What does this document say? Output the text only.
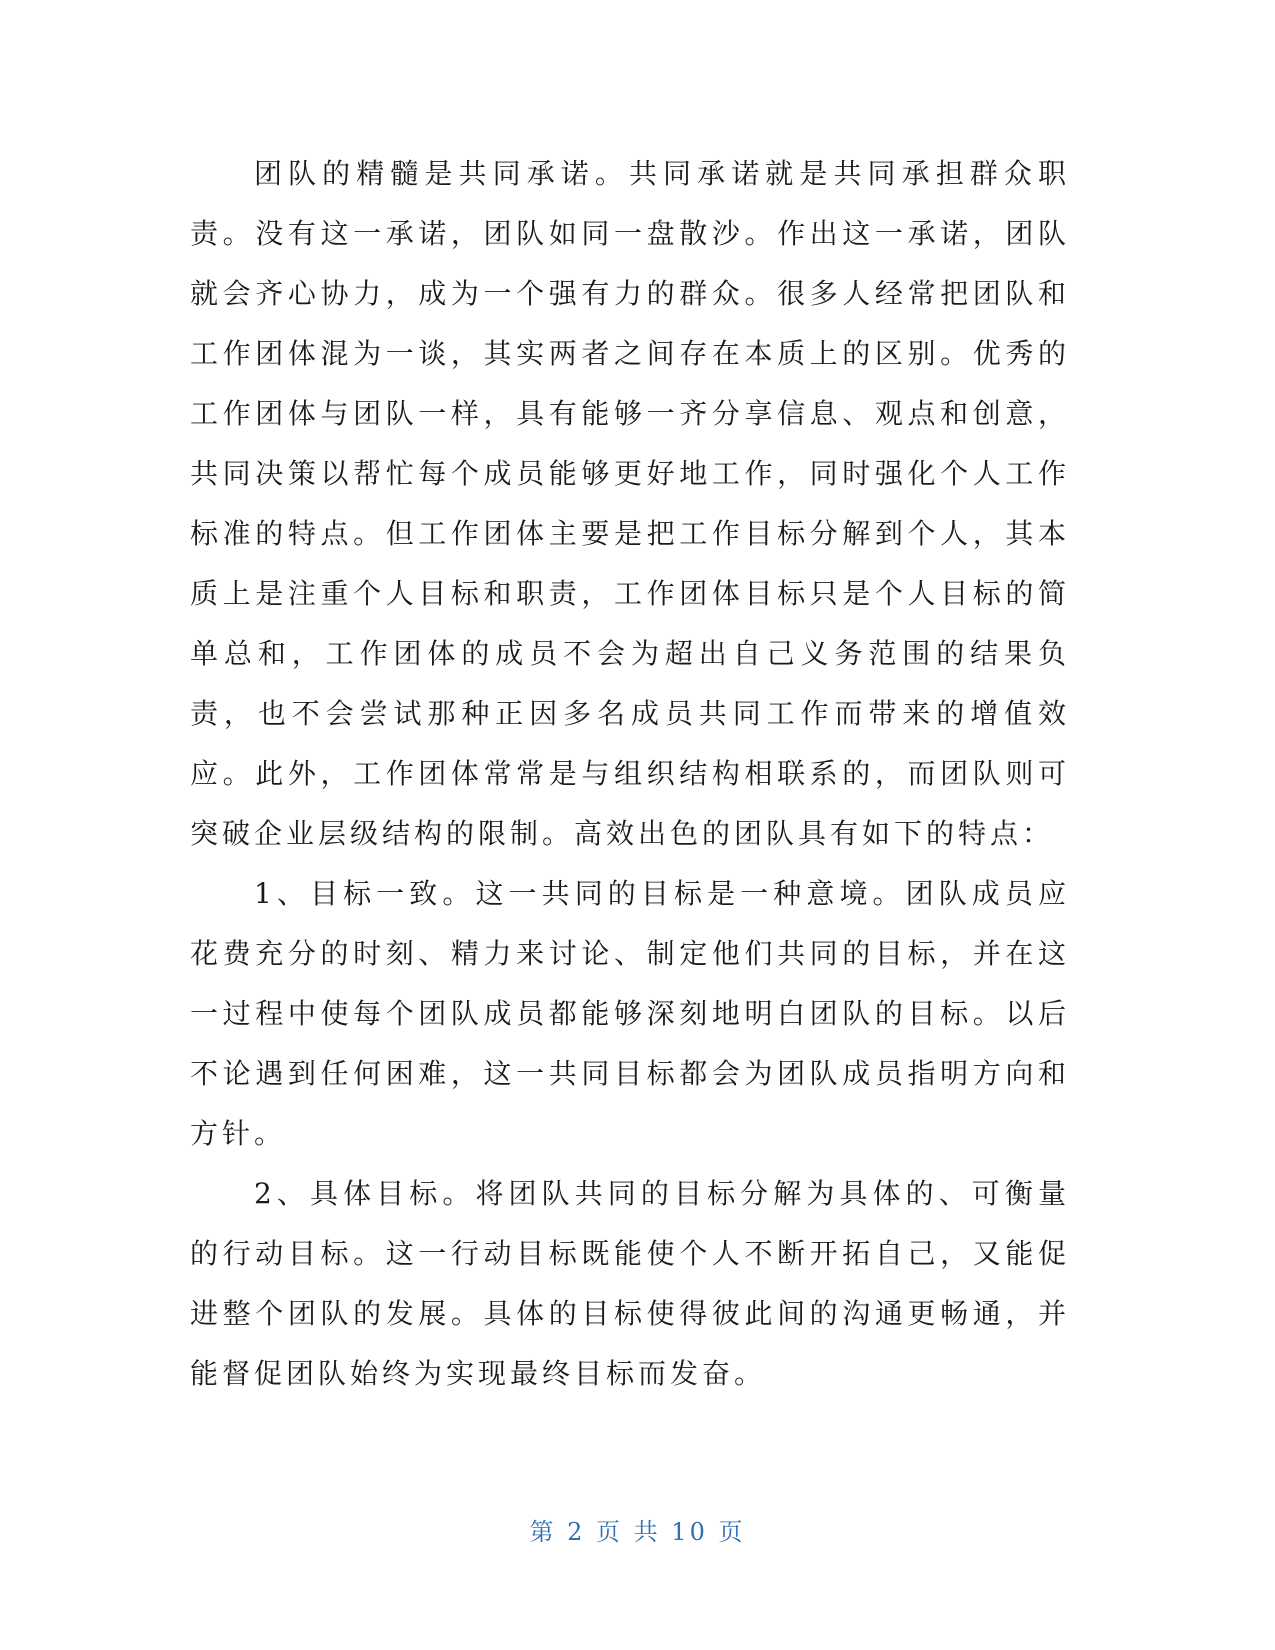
团队的精髓是共同承诺。共同承诺就是共同承担群众职责。没有这一承诺，团队如同一盘散沙。作出这一承诺，团队就会齐心协力，成为一个强有力的群众。很多人经常把团队和工作团体混为一谈，其实两者之间存在本质上的区别。优秀的工作团体与团队一样，具有能够一齐分享信息、观点和创意，共同决策以帮忙每个成员能够更好地工作，同时强化个人工作标准的特点。但工作团体主要是把工作目标分解到个人，其本质上是注重个人目标和职责，工作团体目标只是个人目标的简单总和，工作团体的成员不会为超出自己义务范围的结果负责，也不会尝试那种正因多名成员共同工作而带来的增值效应。此外，工作团体常常是与组织结构相联系的，而团队则可突破企业层级结构的限制。高效出色的团队具有如下的特点：

1、目标一致。这一共同的目标是一种意境。团队成员应花费充分的时刻、精力来讨论、制定他们共同的目标，并在这一过程中使每个团队成员都能够深刻地明白团队的目标。以后不论遇到任何困难，这一共同目标都会为团队成员指明方向和方针。

2、具体目标。将团队共同的目标分解为具体的、可衡量的行动目标。这一行动目标既能使个人不断开拓自己，又能促进整个团队的发展。具体的目标使得彼此间的沟通更畅通，并能督促团队始终为实现最终目标而发奋。

第 2 页 共 10 页
